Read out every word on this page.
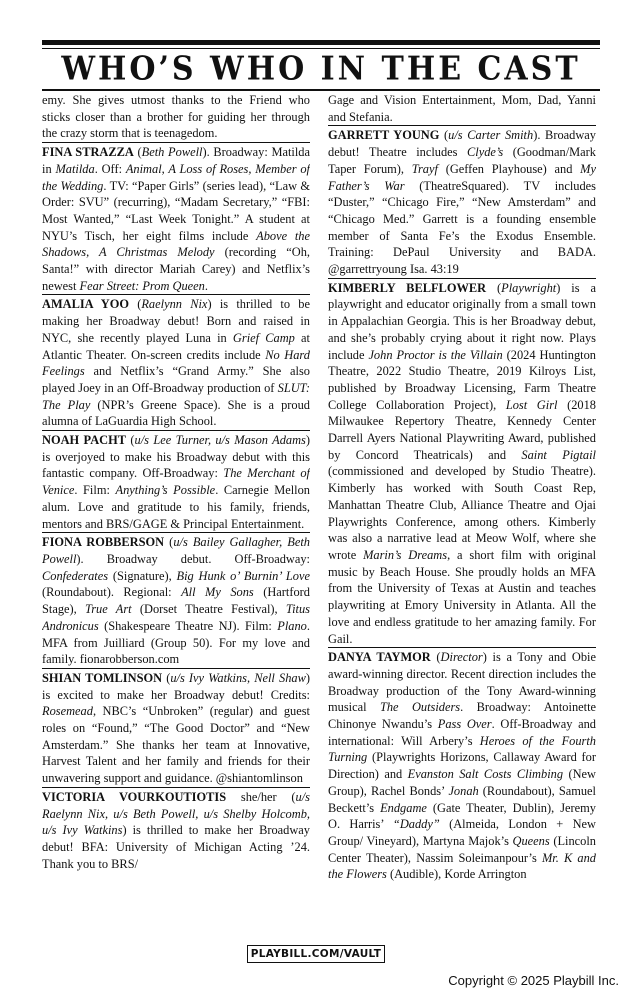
WHO’S WHO IN THE CAST

emy. She gives utmost thanks to the Friend who sticks closer than a brother for guiding her through the crazy storm that is teenagedom.

FINA STRAZZA (Beth Powell). Broadway: Matilda in Matilda. Off: Animal, A Loss of Roses, Member of the Wedding. TV: “Paper Girls” (series lead), “Law & Order: SVU” (recurring), “Madam Secretary,” “FBI: Most Wanted,” “Last Week Tonight.” A student at NYU’s Tisch, her eight films include Above the Shadows, A Christmas Melody (recording “Oh, Santa!” with director Mariah Carey) and Netflix’s newest Fear Street: Prom Queen.

AMALIA YOO (Raelynn Nix) is thrilled to be making her Broadway debut! Born and raised in NYC, she recently played Luna in Grief Camp at Atlantic Theater. On-screen credits include No Hard Feelings and Netflix’s “Grand Army.” She also played Joey in an Off-Broadway production of SLUT: The Play (NPR’s Greene Space). She is a proud alumna of LaGuardia High School.

NOAH PACHT (u/s Lee Turner, u/s Mason Adams) is overjoyed to make his Broadway debut with this fantastic company. Off-Broadway: The Merchant of Venice. Film: Anything’s Possible. Carnegie Mellon alum. Love and gratitude to his family, friends, mentors and BRS/GAGE & Principal Entertainment.

FIONA ROBBERSON (u/s Bailey Gallagher, Beth Powell). Broadway debut. Off-Broadway: Confederates (Signature), Big Hunk o’ Burnin’ Love (Roundabout). Regional: All My Sons (Hartford Stage), True Art (Dorset Theatre Festival), Titus Andronicus (Shakespeare Theatre NJ). Film: Plano. MFA from Juilliard (Group 50). For my love and family. fionarobberson.com

SHIAN TOMLINSON (u/s Ivy Watkins, Nell Shaw) is excited to make her Broadway debut! Credits: Rosemead, NBC’s “Unbroken” (regular) and guest roles on “Found,” “The Good Doctor” and “New Amsterdam.” She thanks her team at Innovative, Harvest Talent and her family and friends for their unwavering support and guidance. @shiantomlinson

VICTORIA VOURKOUTIOTIS she/her (u/s Raelynn Nix, u/s Beth Powell, u/s Shelby Holcomb, u/s Ivy Watkins) is thrilled to make her Broadway debut! BFA: University of Michigan Acting ’24. Thank you to BRS/

Gage and Vision Entertainment, Mom, Dad, Yanni and Stefania.

GARRETT YOUNG (u/s Carter Smith). Broadway debut! Theatre includes Clyde’s (Goodman/Mark Taper Forum), Trayf (Geffen Playhouse) and My Father’s War (TheatreSquared). TV includes “Duster,” “Chicago Fire,” “New Amsterdam” and “Chicago Med.” Garrett is a founding ensemble member of Santa Fe’s the Exodus Ensemble. Training: DePaul University and BADA. @garrettryoung Isa. 43:19

KIMBERLY BELFLOWER (Playwright) is a playwright and educator originally from a small town in Appalachian Georgia. This is her Broadway debut, and she’s probably crying about it right now. Plays include John Proctor is the Villain (2024 Huntington Theatre, 2022 Studio Theatre, 2019 Kilroys List, published by Broadway Licensing, Farm Theatre College Collaboration Project), Lost Girl (2018 Milwaukee Repertory Theatre, Kennedy Center Darrell Ayers National Playwriting Award, published by Concord Theatricals) and Saint Pigtail (commissioned and developed by Studio Theatre). Kimberly has worked with South Coast Rep, Manhattan Theatre Club, Alliance Theatre and Ojai Playwrights Conference, among others. Kimberly was also a narrative lead at Meow Wolf, where she wrote Marin’s Dreams, a short film with original music by Beach House. She proudly holds an MFA from the University of Texas at Austin and teaches playwriting at Emory University in Atlanta. All the love and endless gratitude to her amazing family. For Gail.

DANYA TAYMOR (Director) is a Tony and Obie award-winning director. Recent direction includes the Broadway production of the Tony Award-winning musical The Outsiders. Broadway: Antoinette Chinonye Nwandu’s Pass Over. Off-Broadway and international: Will Arbery’s Heroes of the Fourth Turning (Playwrights Horizons, Callaway Award for Direction) and Evanston Salt Costs Climbing (New Group), Rachel Bonds’ Jonah (Roundabout), Samuel Beckett’s Endgame (Gate Theater, Dublin), Jeremy O. Harris’ “Daddy” (Almeida, London + New Group/ Vineyard), Martyna Majok’s Queens (Lincoln Center Theater), Nassim Soleimanpour’s Mr. K and the Flowers (Audible), Korde Arrington

PLAYBILL.COM/VAULT
Copyright © 2025 Playbill Inc.
